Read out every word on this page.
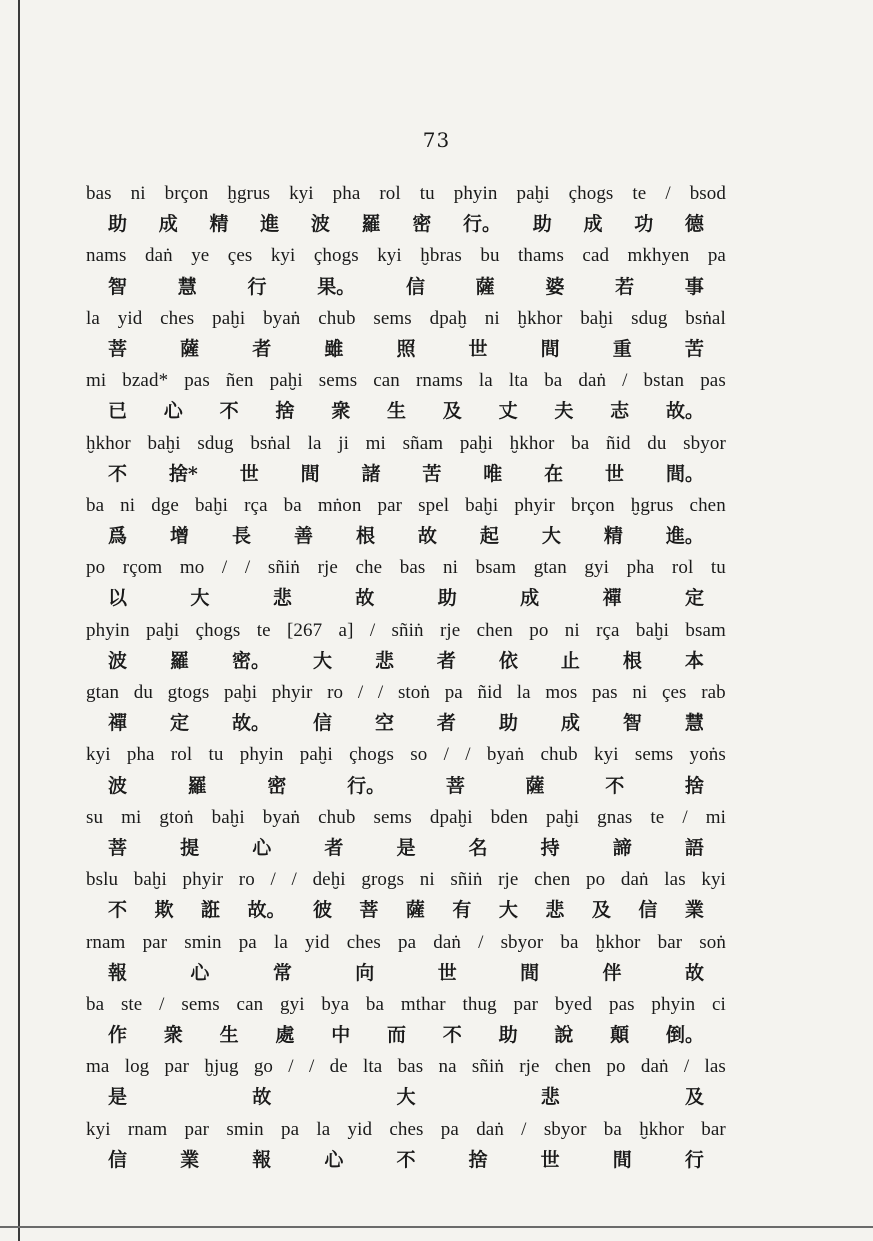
73
bas ni brçon ḫgrus kyi pha rol tu phyin paḫi çhogs te / bsod
助 成 精 進 波 羅 密 行。 助 成 功 德
nams daṅ ye çes kyi çhogs kyi ḫbras bu thams cad mkhyen pa
智	慧	行	果。	信	薩	婆	若	事
la yid ches paḫi byaṅ chub sems dpaḫ ni ḫkhor baḫi sdug bsṅal
菩	薩	者	雖	照	世	間	重	苦
mi bzad* pas ñen paḫi sems can rnams la lta ba daṅ / bstan pas
已 心 不 捨 衆 生 及 丈 夫 志 故。
ḫkhor baḫi sdug bsṅal la ji mi sñam paḫi ḫkhor ba ñid du sbyor
不 捨* 世 間 諸 苦 唯 在 世 間。
ba ni dge baḫi rça ba mṅon par spel baḫi phyir brçon ḫgrus chen
爲 增 長 善 根 故 起 大 精 進。
po rçom mo / / sñiṅ rje che bas ni bsam gtan gyi pha rol tu
以	大	悲	故	助	成	禪	定
phyin paḫi çhogs te [267 a] / sñiṅ rje chen po ni rça baḫi bsam
波 羅 密。 大 悲 者 依 止 根 本
gtan du gtogs paḫi phyir ro / / stoṅ pa ñid la mos pas ni çes rab
禪 定 故。 信 空 者 助 成 智 慧
kyi pha rol tu phyin paḫi çhogs so / / byaṅ chub kyi sems yoṅs
波	羅	密	行。	菩	薩	不	捨
su mi gtoṅ baḫi byaṅ chub sems dpaḫi bden paḫi gnas te / mi
菩	提	心	者	是	名	持	諦	語
bslu baḫi phyir ro / / deḫi grogs ni sñiṅ rje chen po daṅ las kyi
不 欺 誑 故。 彼 菩 薩 有 大 悲 及 信 業
rnam par smin pa la yid ches pa daṅ / sbyor ba ḫkhor bar soṅ
報	心	常	向	世	間	伴	故
ba ste / sems can gyi bya ba mthar thug par byed pas phyin ci
作 衆 生 處 中 而 不 助 說 顛 倒。
ma log par ḫjug go / / de lta bas na sñiṅ rje chen po daṅ / las
是	故	大	悲	及
kyi rnam par smin pa la yid ches pa daṅ / sbyor ba ḫkhor bar
信	業	報	心	不	捨	世	間	行
